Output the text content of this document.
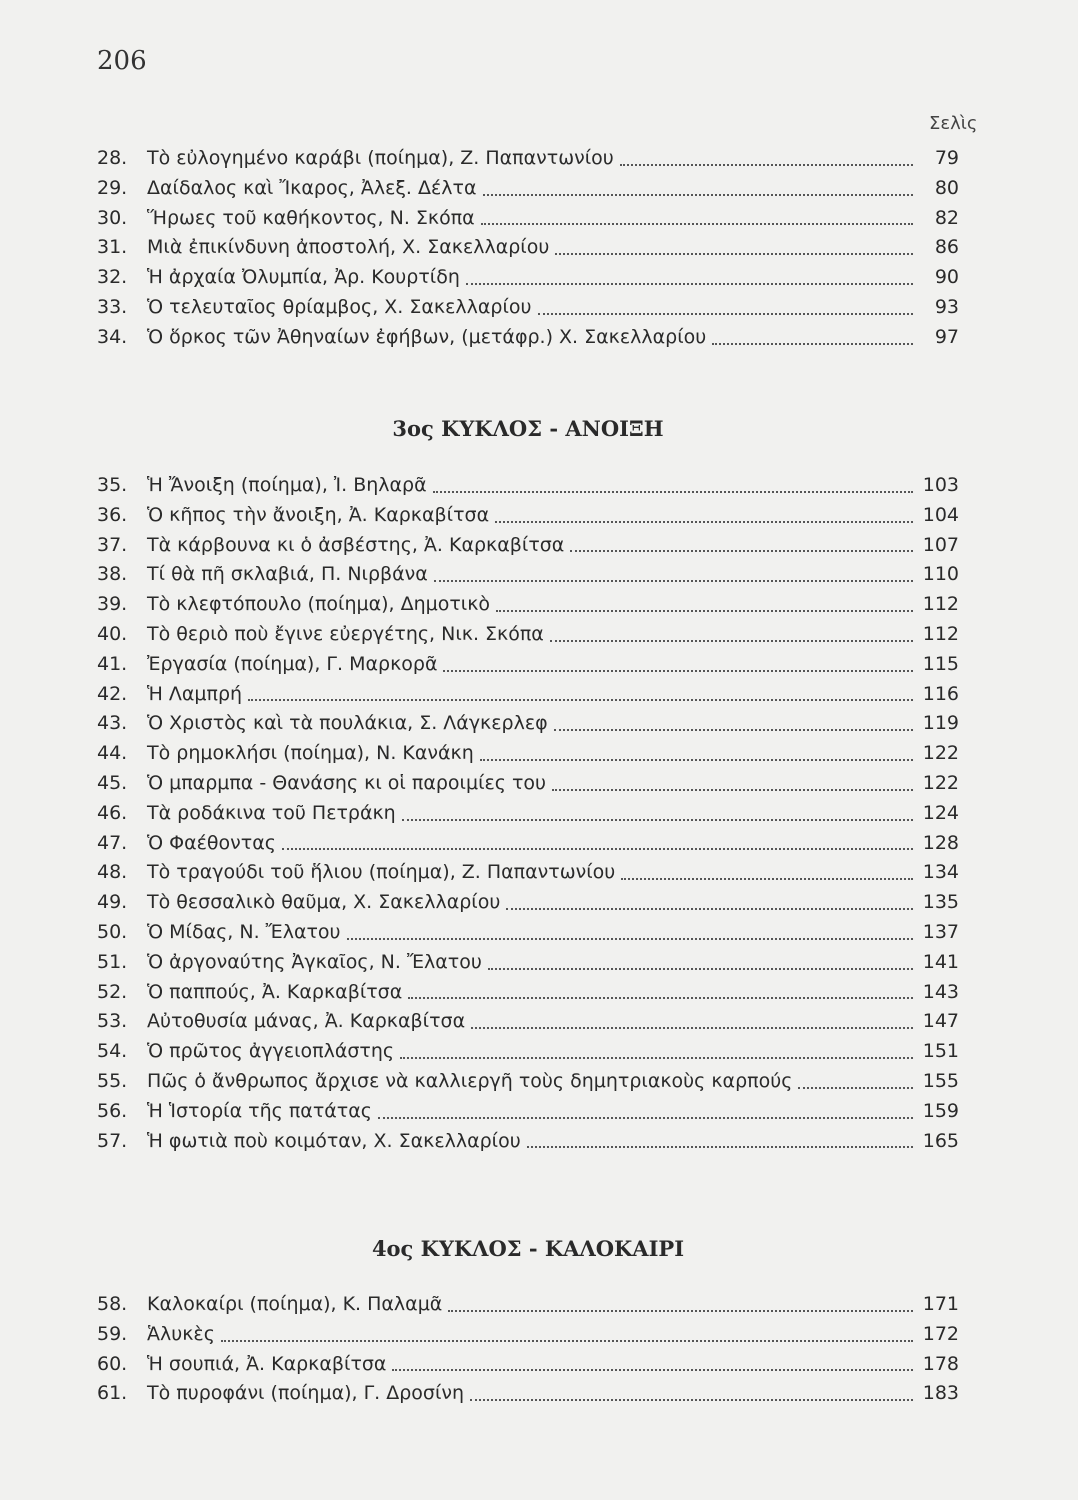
206
Σελὶς
28.	Τὸ εὐλογημένο καράβι (ποίημα), Ζ. Παπαντωνίου	79
29.	Δαίδαλος καὶ Ἴκαρος, Ἀλεξ. Δέλτα	80
30.	Ἥρωες τοῦ καθήκοντος, Ν. Σκόπα	82
31.	Μιὰ ἐπικίνδυνη ἀποστολή, Χ. Σακελλαρίου	86
32.	Ἡ ἀρχαία Ὀλυμπία, Ἀρ. Κουρτίδη	90
33.	Ὁ τελευταῖος θρίαμβος, Χ. Σακελλαρίου	93
34.	Ὁ ὅρκος τῶν Ἀθηναίων ἐφήβων, (μετάφρ.) Χ. Σακελλαρίου	97
3ος ΚΥΚΛΟΣ - ΑΝΟΙΞΗ
35.	Ἡ Ἄνοιξη (ποίημα), Ἰ. Βηλαρᾶ	103
36.	Ὁ κῆπος τὴν ἄνοιξη, Ἀ. Καρκαβίτσα	104
37.	Τὰ κάρβουνα κι ὁ ἀσβέστης, Ἀ. Καρκαβίτσα	107
38.	Τί θὰ πῆ σκλαβιά, Π. Νιρβάνα	110
39.	Τὸ κλεφτόπουλο (ποίημα), Δημοτικὸ	112
40.	Τὸ θεριὸ ποὺ ἔγινε εὐεργέτης, Νικ. Σκόπα	112
41.	Ἐργασία (ποίημα), Γ. Μαρκορᾶ	115
42.	Ἡ Λαμπρή	116
43.	Ὁ Χριστὸς καὶ τὰ πουλάκια, Σ. Λάγκερλεφ	119
44.	Τὸ ρημοκλήσι (ποίημα), Ν. Κανάκη	122
45.	Ὁ μπαρμπα - Θανάσης κι οἱ παροιμίες του	122
46.	Τὰ ροδάκινα τοῦ Πετράκη	124
47.	Ὁ Φαέθοντας	128
48.	Τὸ τραγούδι τοῦ ἥλιου (ποίημα), Ζ. Παπαντωνίου	134
49.	Τὸ θεσσαλικὸ θαῦμα, Χ. Σακελλαρίου	135
50.	Ὁ Μίδας, Ν. Ἔλατου	137
51.	Ὁ ἀργοναύτης Ἀγκαῖος, Ν. Ἔλατου	141
52.	Ὁ παππούς, Ἀ. Καρκαβίτσα	143
53.	Αὐτοθυσία μάνας, Ἀ. Καρκαβίτσα	147
54.	Ὁ πρῶτος ἀγγειοπλάστης	151
55.	Πῶς ὁ ἄνθρωπος ἄρχισε νὰ καλλιεργῆ τοὺς δημητριακοὺς καρπούς	155
56.	Ἡ Ἱστορία τῆς πατάτας	159
57.	Ἡ φωτιὰ ποὺ κοιμόταν, Χ. Σακελλαρίου	165
4ος ΚΥΚΛΟΣ - ΚΑΛΟΚΑΙΡΙ
58.	Καλοκαίρι (ποίημα), Κ. Παλαμᾶ	171
59.	Ἁλυκὲς	172
60.	Ἡ σουπιά, Ἀ. Καρκαβίτσα	178
61.	Τὸ πυροφάνι (ποίημα), Γ. Δροσίνη	183
